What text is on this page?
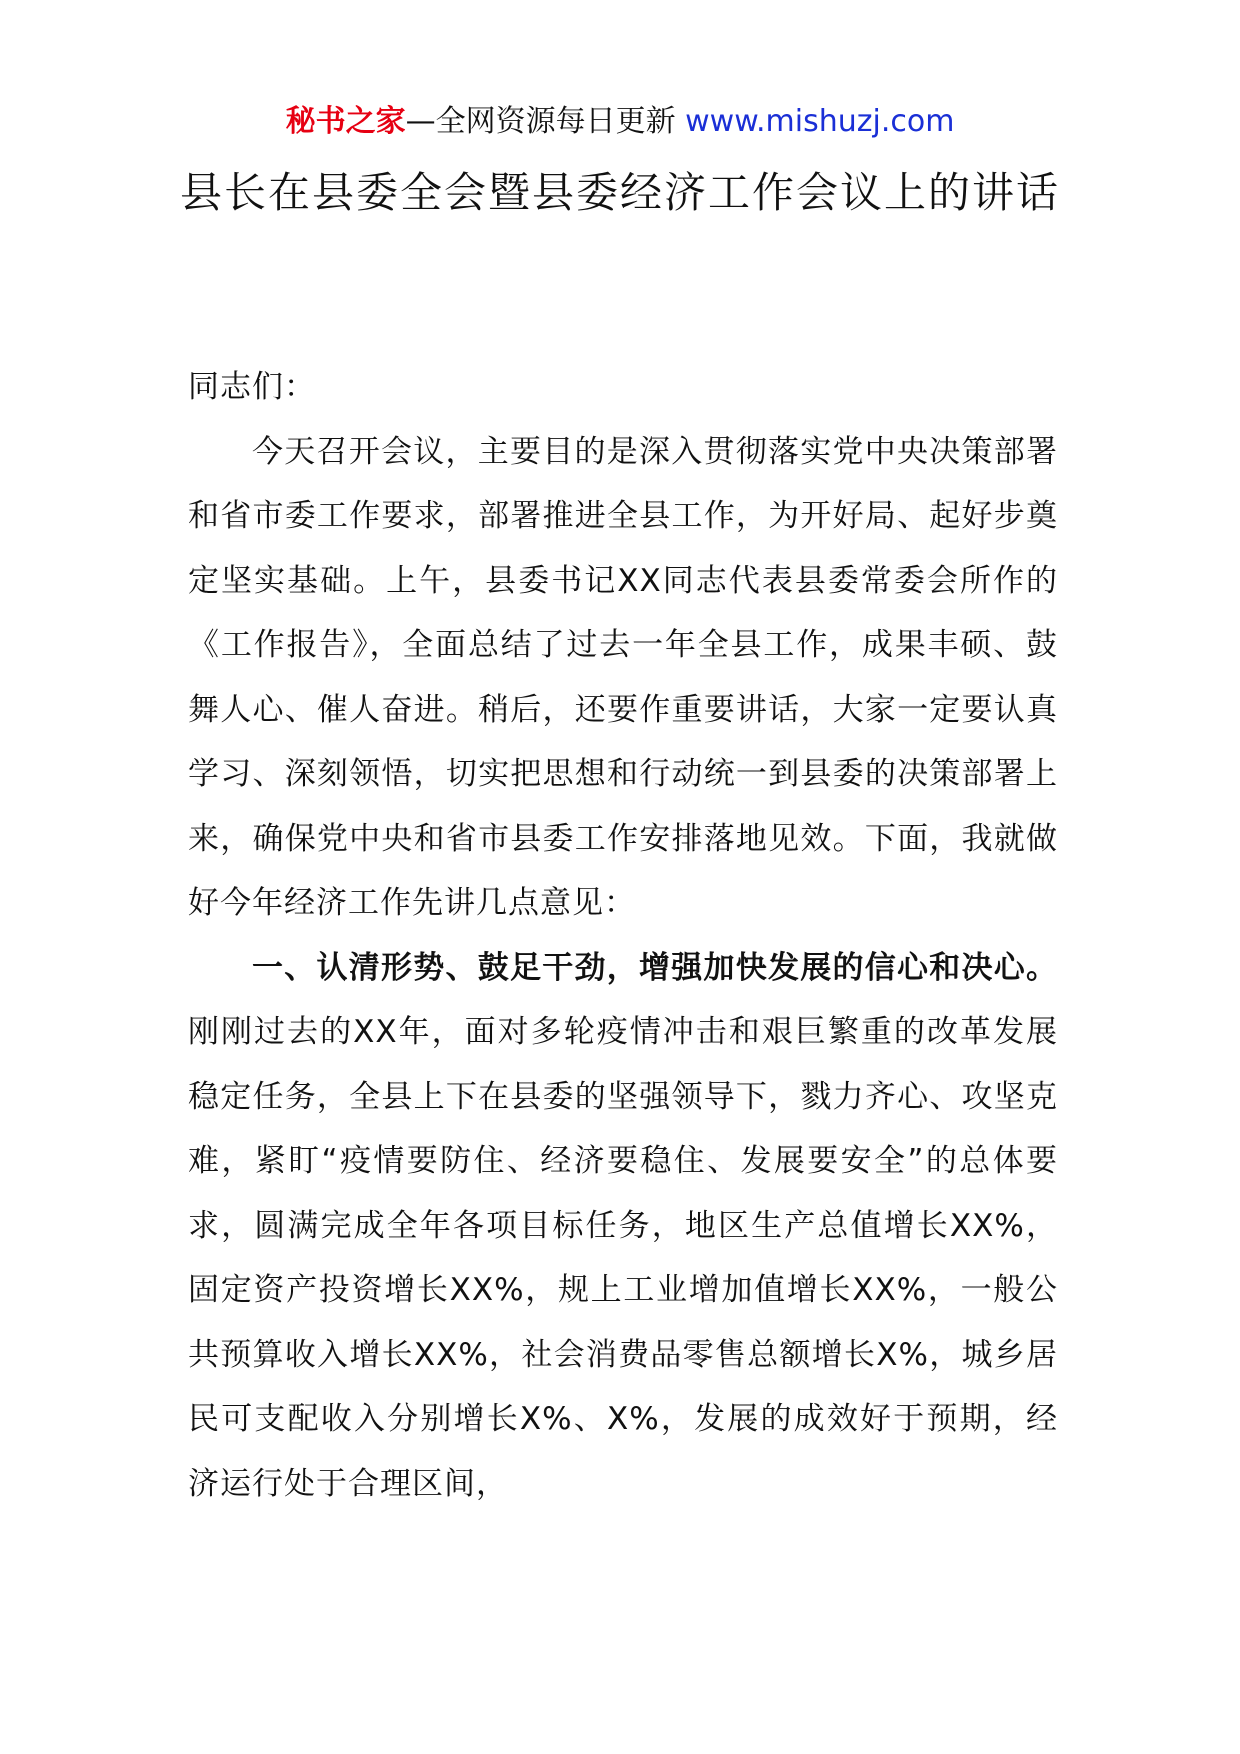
秘书之家—全网资源每日更新 www.mishuzj.com
县长在县委全会暨县委经济工作会议上的讲话

同志们：

今天召开会议，主要目的是深入贯彻落实党中央决策部署和省市委工作要求，部署推进全县工作，为开好局、起好步奠定坚实基础。上午，县委书记XX同志代表县委常委会所作的《工作报告》，全面总结了过去一年全县工作，成果丰硕、鼓舞人心、催人奋进。稍后，还要作重要讲话，大家一定要认真学习、深刻领悟，切实把思想和行动统一到县委的决策部署上来，确保党中央和省市县委工作安排落地见效。下面，我就做好今年经济工作先讲几点意见：

一、认清形势、鼓足干劲，增强加快发展的信心和决心。刚刚过去的XX年，面对多轮疫情冲击和艰巨繁重的改革发展稳定任务，全县上下在县委的坚强领导下，戮力齐心、攻坚克难，紧盯“疫情要防住、经济要稳住、发展要安全”的总体要求，圆满完成全年各项目标任务，地区生产总值增长XX%，固定资产投资增长XX%，规上工业增加值增长XX%，一般公共预算收入增长XX%，社会消费品零售总额增长X%，城乡居民可支配收入分别增长X%、X%，发展的成效好于预期，经济运行处于合理区间，
